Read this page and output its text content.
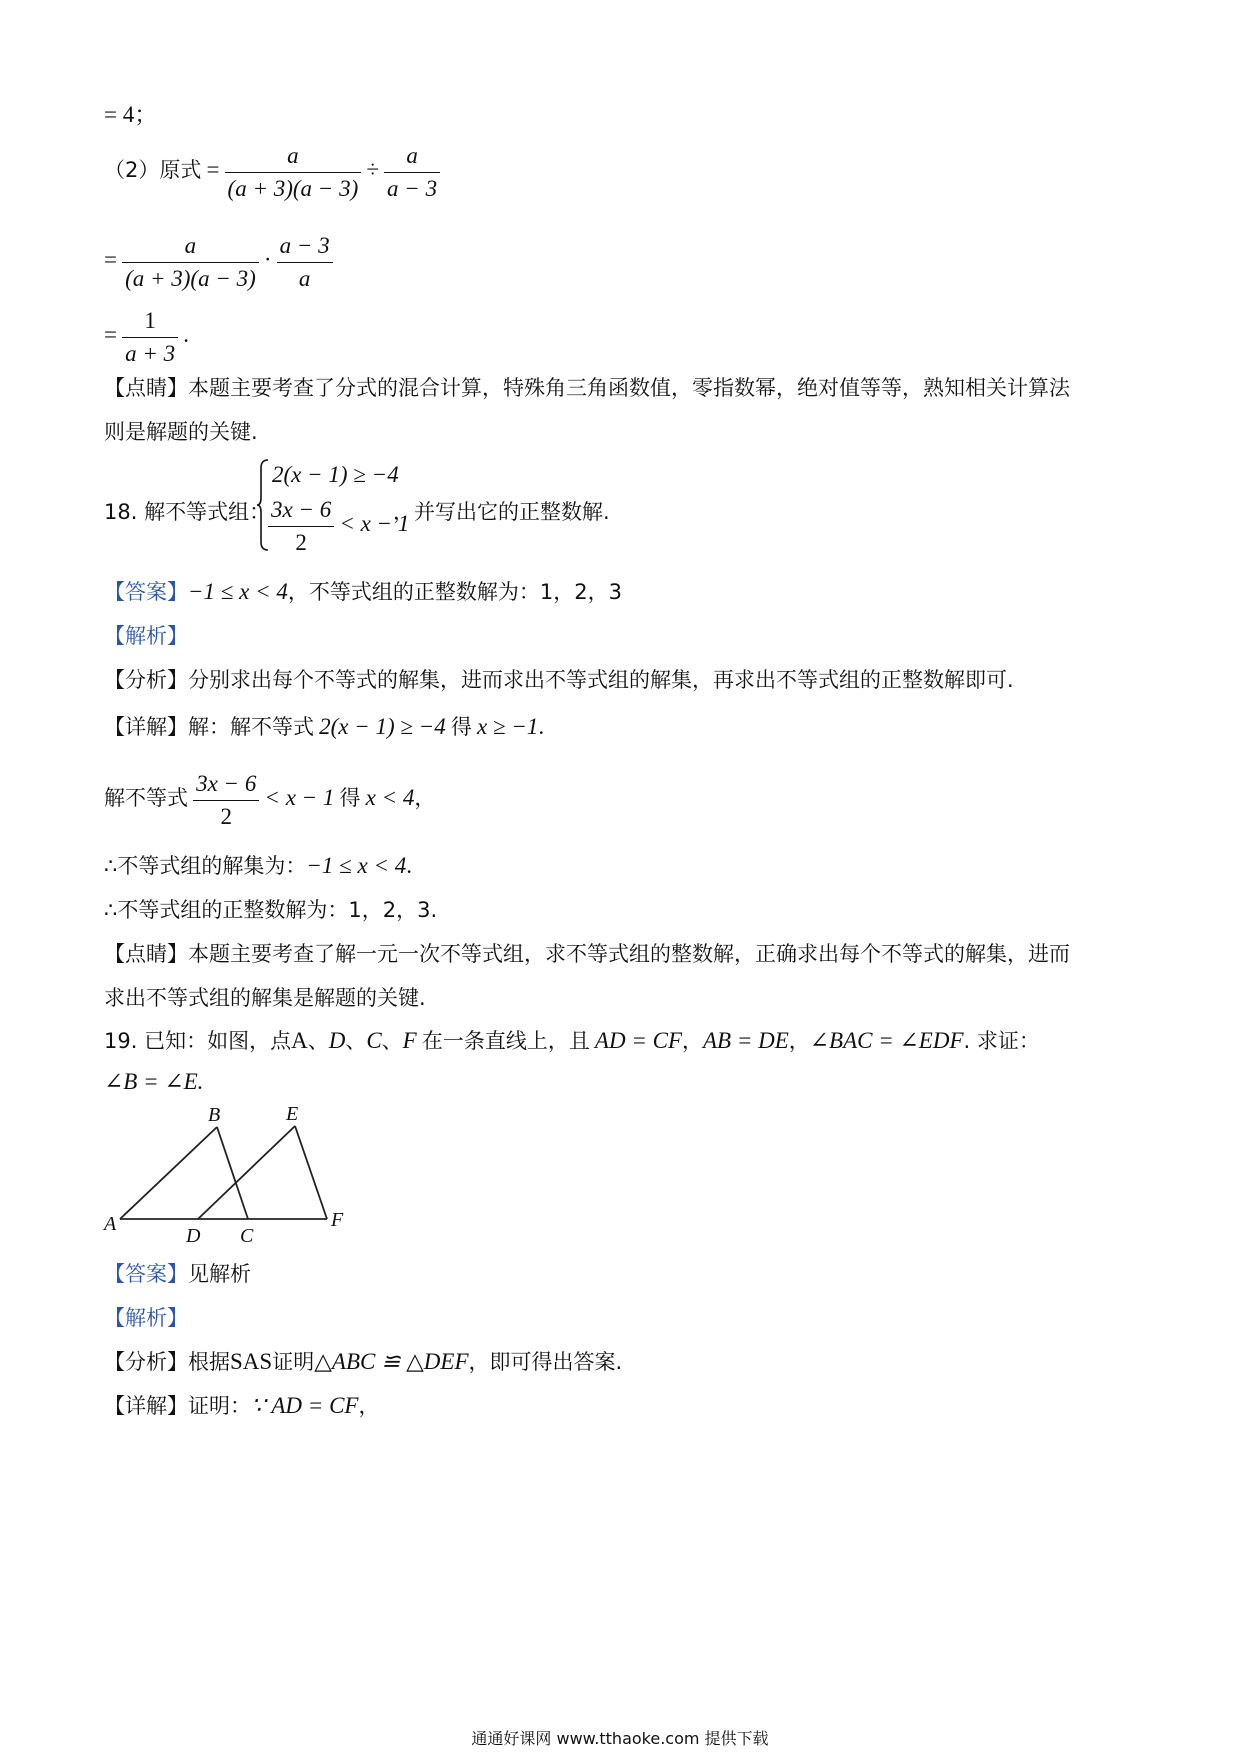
= 4；
（2）原式 = $\frac{a}{(a + 3)(a - 3)} \div \frac{a}{a - 3}$
= $\frac{a}{(a + 3)(a - 3)} \cdot \frac{a - 3}{a}$
= $\frac{1}{a + 3}$ .
【点睛】本题主要考查了分式的混合计算，特殊角三角函数值，零指数幂，绝对值等等，熟知相关计算法
则是解题的关键.
18. 解不等式组：
2(x − 1) ≥ −4
$\frac{3x - 6}{2} < x - 1$
，并写出它的正整数解.
【答案】−1 ≤ x < 4，不等式组的正整数解为：1，2，3
【解析】
【分析】分别求出每个不等式的解集，进而求出不等式组的解集，再求出不等式组的正整数解即可.
【详解】解：解不等式 2(x − 1) ≥ −4 得 x ≥ −1.
解不等式 $\frac{3x - 6}{2} < x - 1$ 得 x < 4，
∴不等式组的解集为：−1 ≤ x < 4.
∴不等式组的正整数解为：1，2，3.
【点睛】本题主要考查了解一元一次不等式组，求不等式组的整数解，正确求出每个不等式的解集，进而
求出不等式组的解集是解题的关键.
19. 已知：如图，点A、D、C、F 在一条直线上，且 AD = CF，AB = DE，∠BAC = ∠EDF. 求证：
∠B = ∠E.
A
B
C
D
E
F
【答案】见解析
【解析】
【分析】根据SAS证明△ABC ≌ △DEF，即可得出答案.
【详解】证明：∵ AD = CF，
通通好课网 www.tthaoke.com 提供下载
